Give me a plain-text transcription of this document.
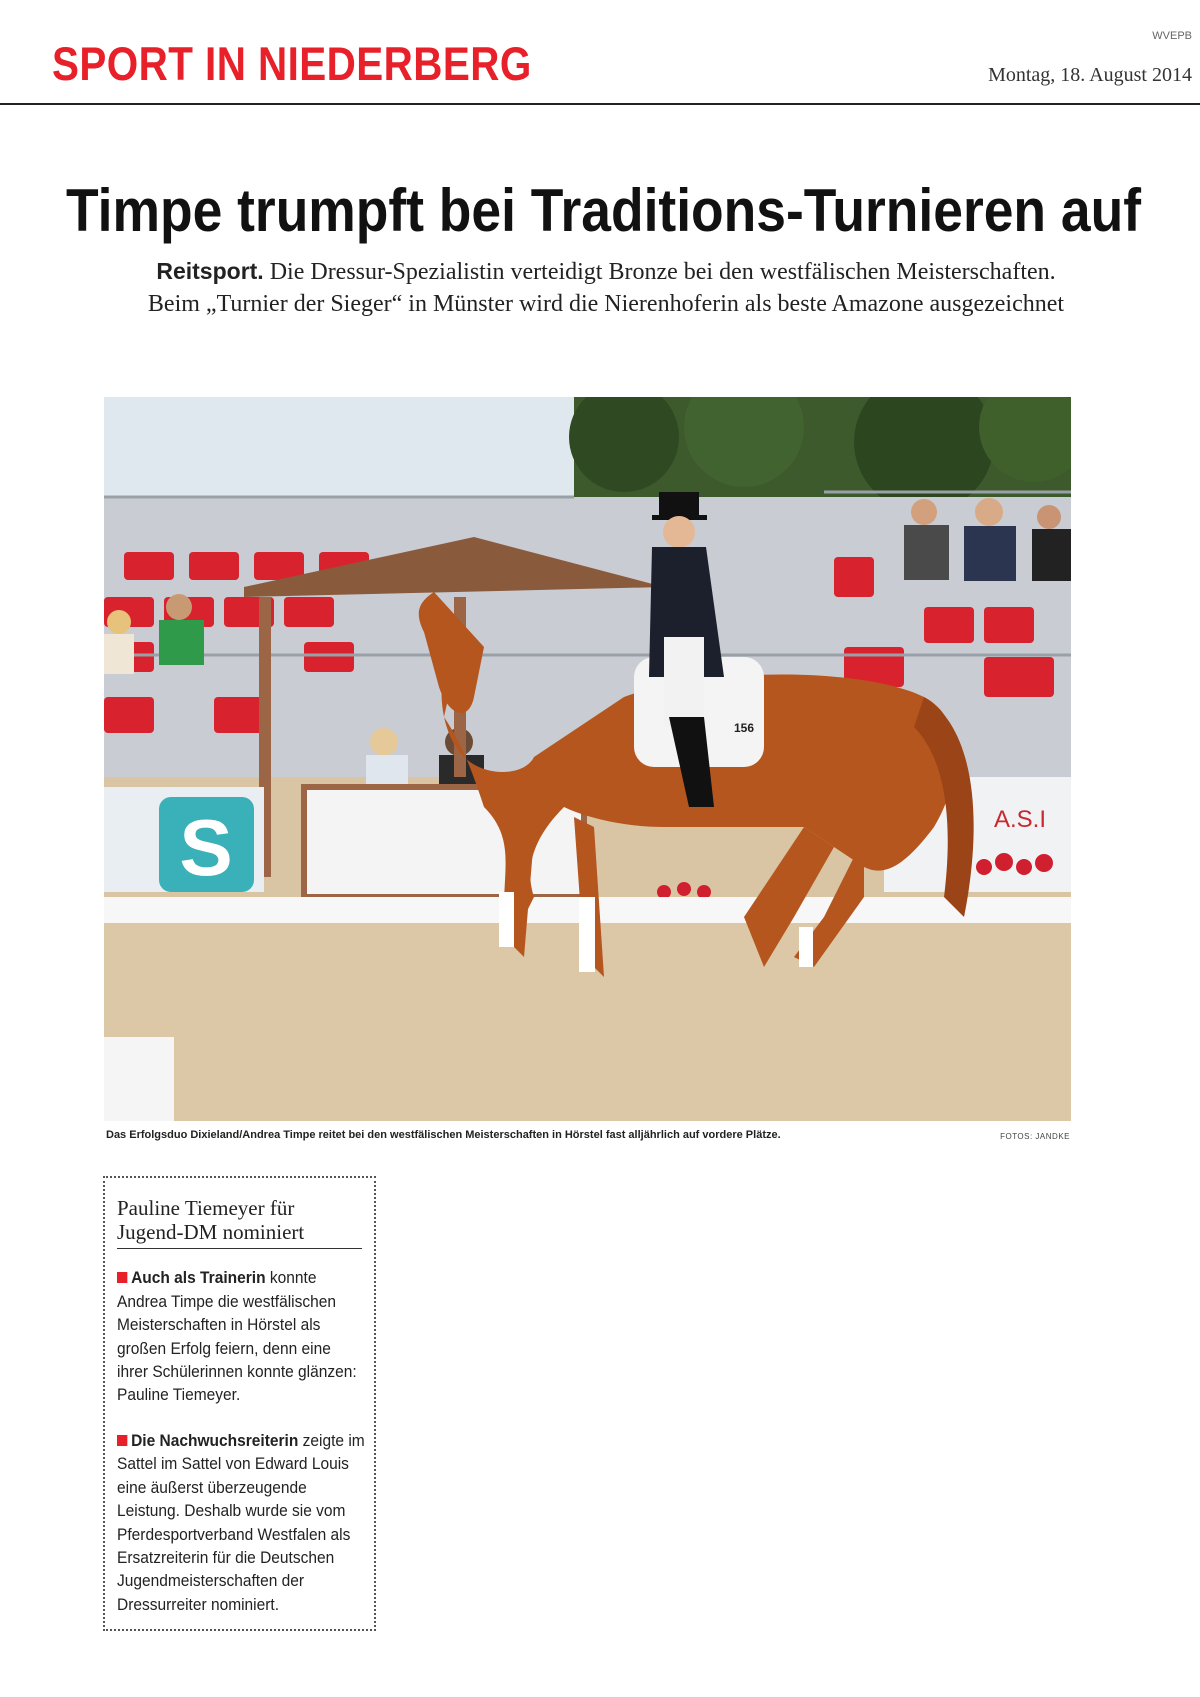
WVEPB
SPORT IN NIEDERBERG	Montag, 18. August 2014
Timpe trumpft bei Traditions-Turnieren auf
Reitsport. Die Dressur-Spezialistin verteidigt Bronze bei den westfälischen Meisterschaften.
Beim „Turnier der Sieger“ in Münster wird die Nierenhoferin als beste Amazone ausgezeichnet
S	A.S.I
156
Das Erfolgsduo Dixieland/Andrea Timpe reitet bei den westfälischen Meisterschaften in Hörstel fast alljährlich auf vordere Plätze.	FOTOS: JANDKE
Pauline Tiemeyer für Jugend-DM nominiert

Auch als Trainerin konnte Andrea Timpe die westfälischen Meisterschaften in Hörstel als großen Erfolg feiern, denn eine ihrer Schülerinnen konnte glänzen: Pauline Tiemeyer.

Die Nachwuchsreiterin zeigte im Sattel im Sattel von Edward Louis eine äußerst überzeugende Leistung. Deshalb wurde sie vom Pferdesportverband Westfalen als Ersatzreiterin für die Deutschen Jugendmeisterschaften der Dressurreiter nominiert.
